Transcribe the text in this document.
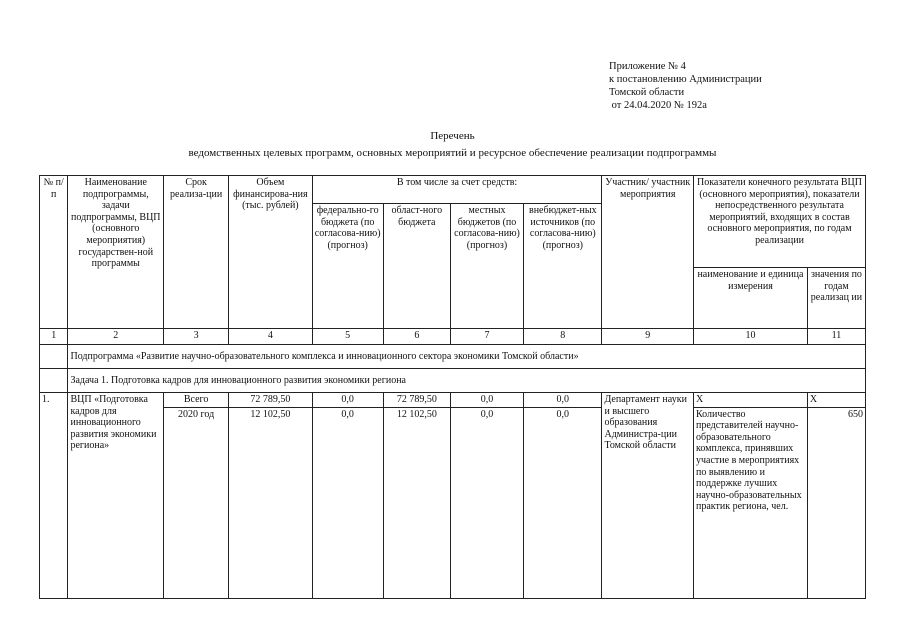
Приложение № 4
к постановлению Администрации
Томской области
от 24.04.2020 № 192а
Перечень
ведомственных целевых программ, основных мероприятий и ресурсное обеспечение реализации подпрограммы
№ п/п	Наименование подпрограммы, задачи подпрограммы, ВЦП (основного мероприятия) государствен-ной программы	Срок реализа-ции	Объем финансирова-ния (тыс. рублей)	В том числе за счет средств:				Участник/ участник мероприятия	Показатели конечного результата ВЦП (основного мероприятия), показатели непосредственного результата мероприятий, входящих в состав основного мероприятия, по годам реализации	
				федерально-го бюджета (по согласова-нию) (прогноз)	област-ного бюджета	местных бюджетов (по согласова-нию) (прогноз)	внебюджет-ных источников (по согласова-нию) (прогноз)			
									наименование и единица измерения	значения по годам реализац ии
1	2	3	4	5	6	7	8	9	10	11
	Подпрограмма «Развитие научно-образовательного комплекса и инновационного сектора экономики Томской области»									
	Задача 1. Подготовка кадров для инновационного развития экономики региона									
1.	ВЦП «Подготовка кадров для инновационного развития экономики региона»	Всего	72 789,50	0,0	72 789,50	0,0	0,0	Департамент науки и высшего образования Администра-ции Томской области	Х	Х
		2020 год	12 102,50	0,0	12 102,50	0,0	0,0		Количество представителей научно-образовательного комплекса, принявших участие в мероприятиях по выявлению и поддержке лучших научно-образовательных практик региона, чел.	650
